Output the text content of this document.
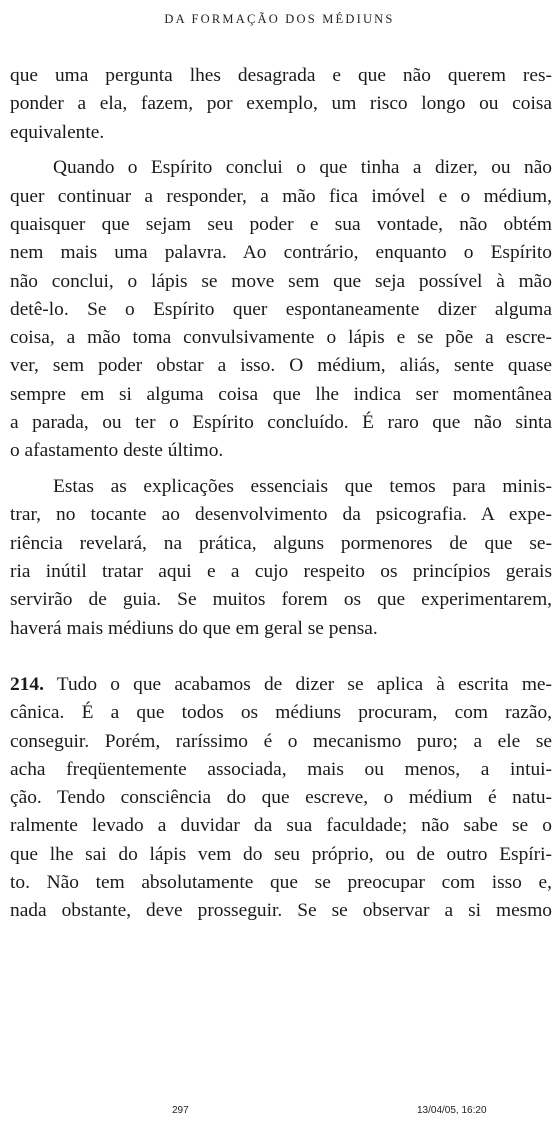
DA FORMAÇÃO DOS MÉDIUNS
que uma pergunta lhes desagrada e que não querem res-
ponder a ela, fazem, por exemplo, um risco longo ou coisa
equivalente.
Quando o Espírito conclui o que tinha a dizer, ou não
quer continuar a responder, a mão fica imóvel e o médium,
quaisquer que sejam seu poder e sua vontade, não obtém
nem mais uma palavra. Ao contrário, enquanto o Espírito
não conclui, o lápis se move sem que seja possível à mão
detê-lo. Se o Espírito quer espontaneamente dizer alguma
coisa, a mão toma convulsivamente o lápis e se põe a escre-
ver, sem poder obstar a isso. O médium, aliás, sente quase
sempre em si alguma coisa que lhe indica ser momentânea
a parada, ou ter o Espírito concluído. É raro que não sinta
o afastamento deste último.
Estas as explicações essenciais que temos para minis-
trar, no tocante ao desenvolvimento da psicografia. A expe-
riência revelará, na prática, alguns pormenores de que se-
ria inútil tratar aqui e a cujo respeito os princípios gerais
servirão de guia. Se muitos forem os que experimentarem,
haverá mais médiuns do que em geral se pensa.
214. Tudo o que acabamos de dizer se aplica à escrita me-
cânica. É a que todos os médiuns procuram, com razão,
conseguir. Porém, raríssimo é o mecanismo puro; a ele se
acha freqüentemente associada, mais ou menos, a intui-
ção. Tendo consciência do que escreve, o médium é natu-
ralmente levado a duvidar da sua faculdade; não sabe se o
que lhe sai do lápis vem do seu próprio, ou de outro Espíri-
to. Não tem absolutamente que se preocupar com isso e,
nada obstante, deve prosseguir. Se se observar a si mesmo
297	13/04/05, 16:20
